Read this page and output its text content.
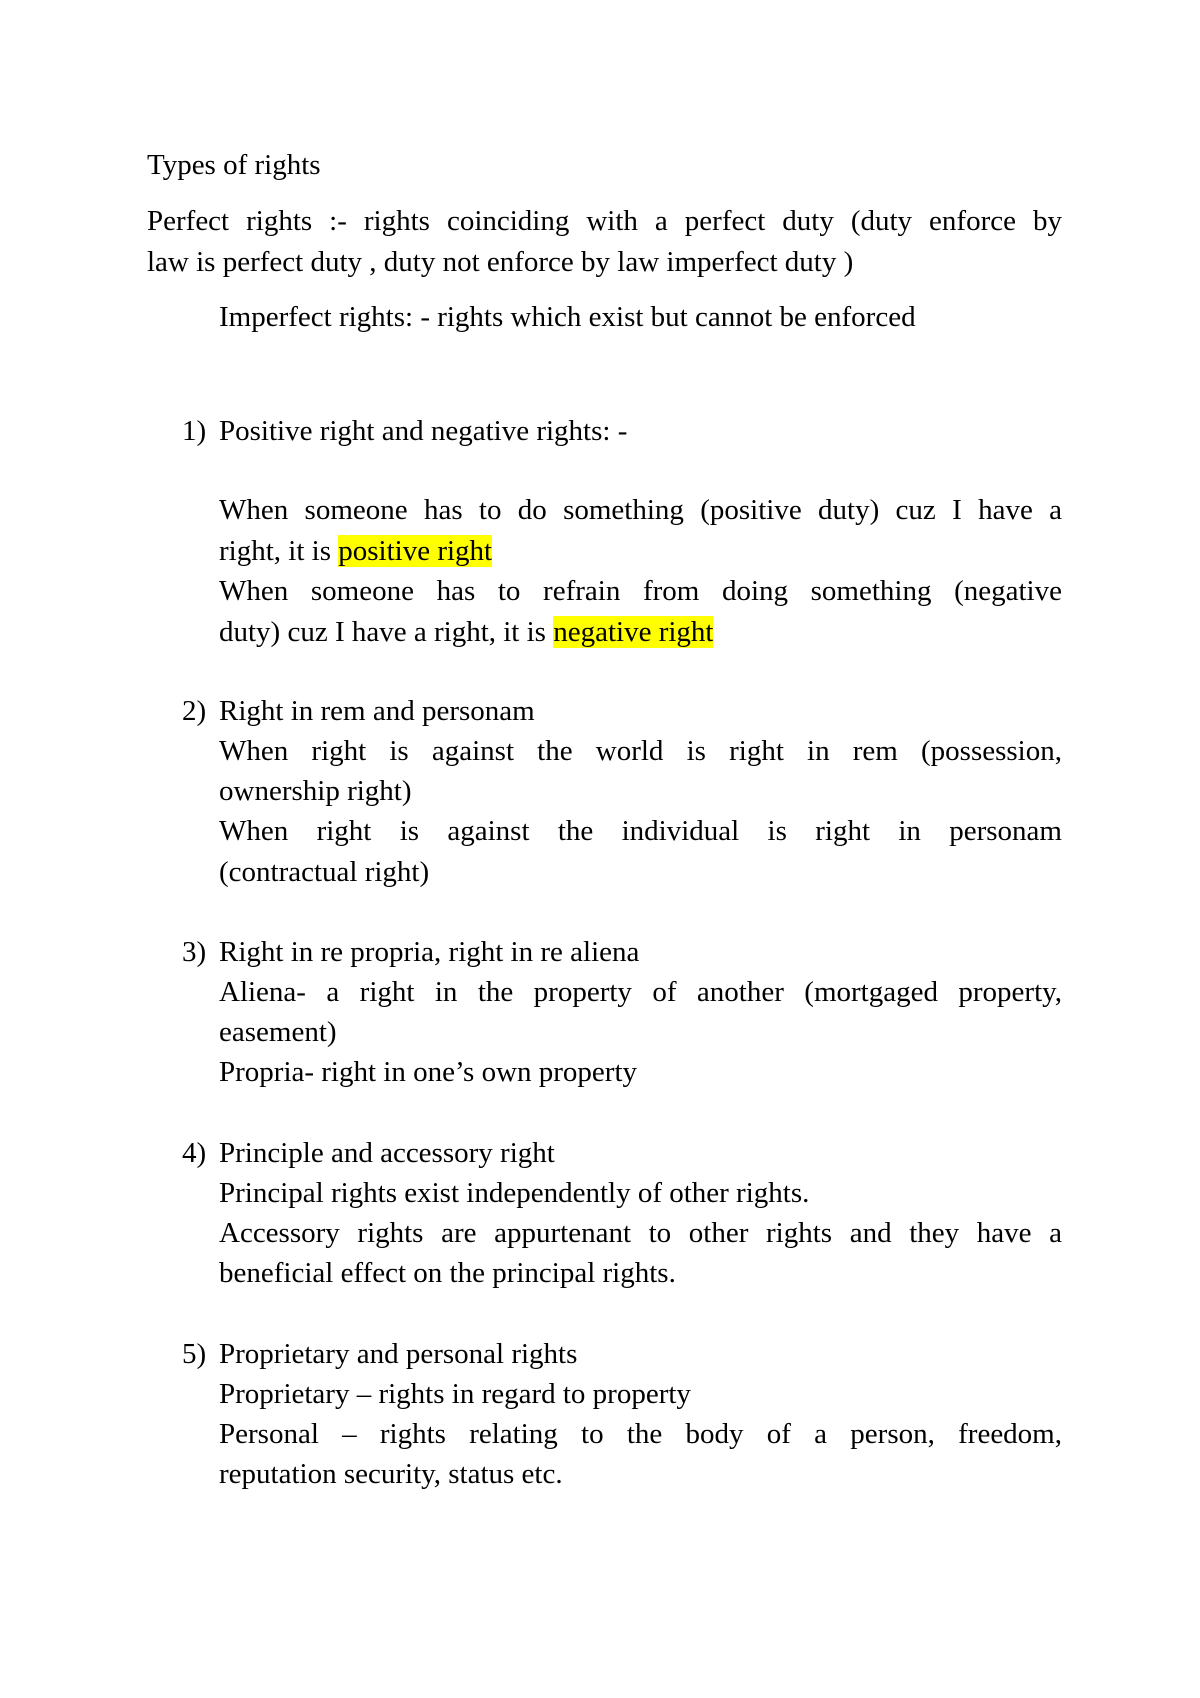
Types of rights
Perfect rights :- rights coinciding with a perfect duty (duty enforce by
law is perfect duty , duty not enforce by law imperfect duty )
Imperfect rights: - rights which exist but cannot be enforced
1) Positive right and negative rights: -
When someone has to do something (positive duty) cuz I have a
right, it is positive right
When someone has to refrain from doing something (negative
duty) cuz I have a right, it is negative right
2) Right in rem and personam
When right is against the world is right in rem (possession,
ownership right)
When right is against the individual is right in personam
(contractual right)
3) Right in re propria, right in re aliena
Aliena- a right in the property of another (mortgaged property,
easement)
Propria- right in one’s own property
4) Principle and accessory right
Principal rights exist independently of other rights.
Accessory rights are appurtenant to other rights and they have a
beneficial effect on the principal rights.
5) Proprietary and personal rights
Proprietary – rights in regard to property
Personal – rights relating to the body of a person, freedom,
reputation security, status etc.
